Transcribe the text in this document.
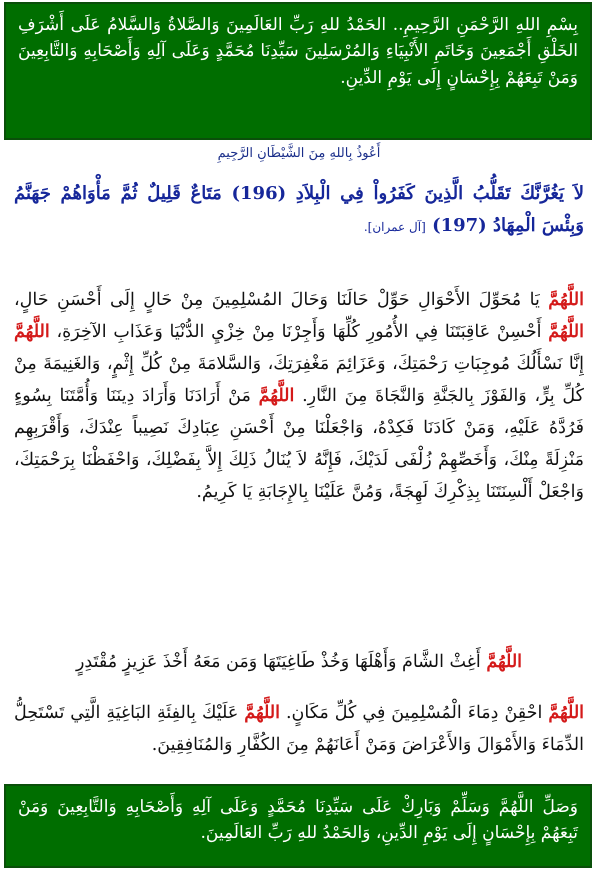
بِسْمِ اللهِ الرَّحْمَنِ الرَّحِيمِ.. الحَمْدُ للهِ رَبِّ العَالَمِينَ وَالصَّلاةُ وَالسَّلامُ عَلَى أَشْرَفِ الخَلْقِ أَجْمَعِينَ وَخَاتَمِ الأَنْبِيَاءِ وَالمُرْسَلِينَ سَيِّدِنَا مُحَمَّدٍ وَعَلَى آلِهِ وَأَصْحَابِهِ وَالتَّابِعِينَ وَمَنْ تَبِعَهُمْ بِإِحْسَانٍ إِلَى يَوْمِ الدِّينِ.

أَعُوذُ بِاللهِ مِنَ الشَّيْطَانِ الرَّجِيمِ
لاَ يَغُرَّنَّكَ تَقَلُّبُ الَّذِينَ كَفَرُواْ فِي الْبِلاَدِ (196) مَتَاعٌ قَلِيلٌ ثُمَّ مَأْوَاهُمْ جَهَنَّمُ وَبِئْسَ الْمِهَادُ (197) [آل عمران].

اللَّهُمَّ يَا مُحَوِّلَ الأَحْوَالِ حَوِّلْ حَالَنَا وَحَالَ المُسْلِمِينَ مِنْ حَالٍ إِلَى أَحْسَنِ حَالٍ، اللَّهُمَّ أَحْسِنْ عَاقِبَتَنَا فِي الأُمُورِ كُلِّهَا وَأَجِرْنَا مِنْ خِزْيِ الدُّنْيَا وَعَذَابِ الآخِرَةِ، اللَّهُمَّ إِنَّا نَسْأَلُكَ مُوجِبَاتِ رَحْمَتِكَ، وَعَزَائِمَ مَغْفِرَتِكَ، وَالسَّلامَةَ مِنْ كُلِّ إِثْمٍ، وَالغَنِيمَةَ مِنْ كُلِّ بِرٍّ، وَالفَوْزَ بِالجَنَّةِ وَالنَّجَاةَ مِنَ النَّارِ. اللَّهُمَّ مَنْ أَرَادَنَا وَأَرَادَ دِينَنَا وَأُمَّتَنَا بِسُوءٍ فَرُدَّهُ عَلَيْهِ، وَمَنْ كَادَنَا فَكِدْهُ، وَاجْعَلْنَا مِنْ أَحْسَنِ عِبَادِكَ نَصِيباً عِنْدَكَ، وَأَقْرَبِهِم مَنْزِلَةً مِنْكَ، وَأَخَصِّهِمْ زُلْفَى لَدَيْكَ، فَإِنَّهُ لاَ يُنَالُ ذَلِكَ إِلاَّ بِفَضْلِكَ، وَاحْفَظْنَا بِرَحْمَتِكَ، وَاجْعَلْ أَلْسِنَتَنَا بِذِكْرِكَ لَهِجَةً، وَمُنَّ عَلَيْنَا بِالإِجَابَةِ يَا كَرِيمُ.

اللَّهُمَّ أَغِثْ الشَّامَ وَأَهْلَهَا وَخُذْ طَاغِيَتَهَا وَمَن مَعَهُ أَخْذَ عَزِيزٍ مُقْتَدِرٍ

اللَّهُمَّ احْقِنْ دِمَاءَ الْمُسْلِمِينَ فِي كُلِّ مَكَانٍ. اللَّهُمَّ عَلَيْكَ بِالفِئَةِ البَاغِيَةِ الَّتِي تَسْتَحِلُّ الدِّمَاءَ وَالأَمْوَالَ وَالأَعْرَاضَ وَمَنْ أَعَانَهُمْ مِنَ الكُفَّارِ وَالمُنَافِقِينَ.

وَصَلِّ اللَّهُمَّ وَسَلِّمْ وَبَارِكْ عَلَى سَيِّدِنَا مُحَمَّدٍ وَعَلَى آلِهِ وَأَصْحَابِهِ وَالتَّابِعِينَ وَمَنْ تَبِعَهُمْ بِإِحْسَانٍ إِلَى يَوْمِ الدِّينِ، وَالحَمْدُ للهِ رَبِّ العَالَمِينَ.
